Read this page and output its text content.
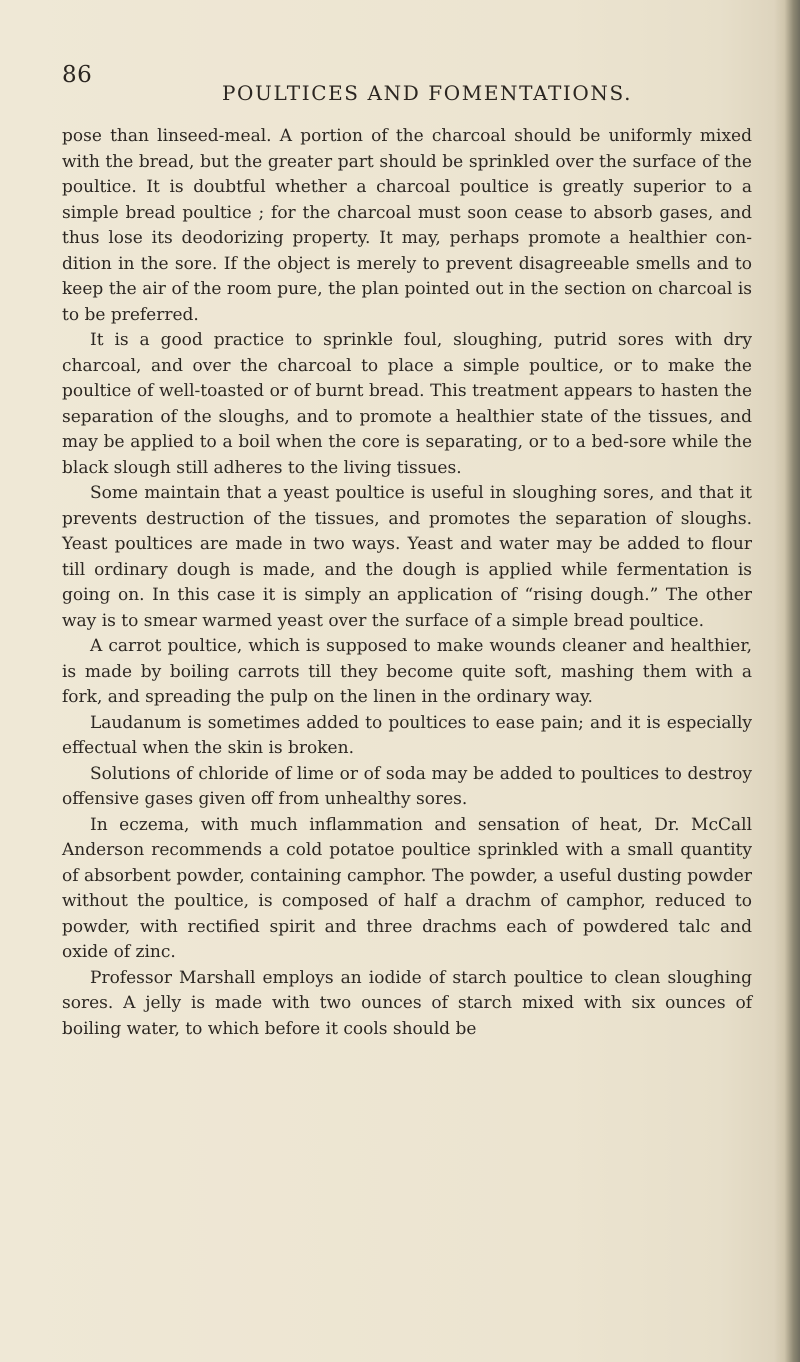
86
POULTICES AND FOMENTATIONS.

pose than linseed-meal. A portion of the charcoal should be uniformly mixed with the bread, but the greater part should be sprinkled over the surface of the poultice. It is doubtful whether a charcoal poultice is greatly superior to a simple bread poultice ; for the charcoal must soon cease to absorb gases, and thus lose its deodorizing property. It may, perhaps promote a healthier condition in the sore. If the object is merely to prevent disagreeable smells and to keep the air of the room pure, the plan pointed out in the section on charcoal is to be preferred.

It is a good practice to sprinkle foul, sloughing, putrid sores with dry charcoal, and over the charcoal to place a simple poultice, or to make the poultice of well-toasted or of burnt bread. This treatment appears to hasten the separation of the sloughs, and to promote a healthier state of the tissues, and may be applied to a boil when the core is separating, or to a bed-sore while the black slough still adheres to the living tissues.

Some maintain that a yeast poultice is useful in sloughing sores, and that it prevents destruction of the tissues, and promotes the separation of sloughs. Yeast poultices are made in two ways. Yeast and water may be added to flour till ordinary dough is made, and the dough is applied while fermentation is going on. In this case it is simply an application of “rising dough.” The other way is to smear warmed yeast over the surface of a simple bread poultice.

A carrot poultice, which is supposed to make wounds cleaner and healthier, is made by boiling carrots till they become quite soft, mashing them with a fork, and spreading the pulp on the linen in the ordinary way.

Laudanum is sometimes added to poultices to ease pain; and it is especially effectual when the skin is broken.

Solutions of chloride of lime or of soda may be added to poultices to destroy offensive gases given off from unhealthy sores.

In eczema, with much inflammation and sensation of heat, Dr. McCall Anderson recommends a cold potatoe poultice sprinkled with a small quantity of absorbent powder, containing camphor. The powder, a useful dusting powder without the poultice, is composed of half a drachm of camphor, reduced to powder, with rectified spirit and three drachms each of powdered talc and oxide of zinc.

Professor Marshall employs an iodide of starch poultice to clean sloughing sores. A jelly is made with two ounces of starch mixed with six ounces of boiling water, to which before it cools should be
